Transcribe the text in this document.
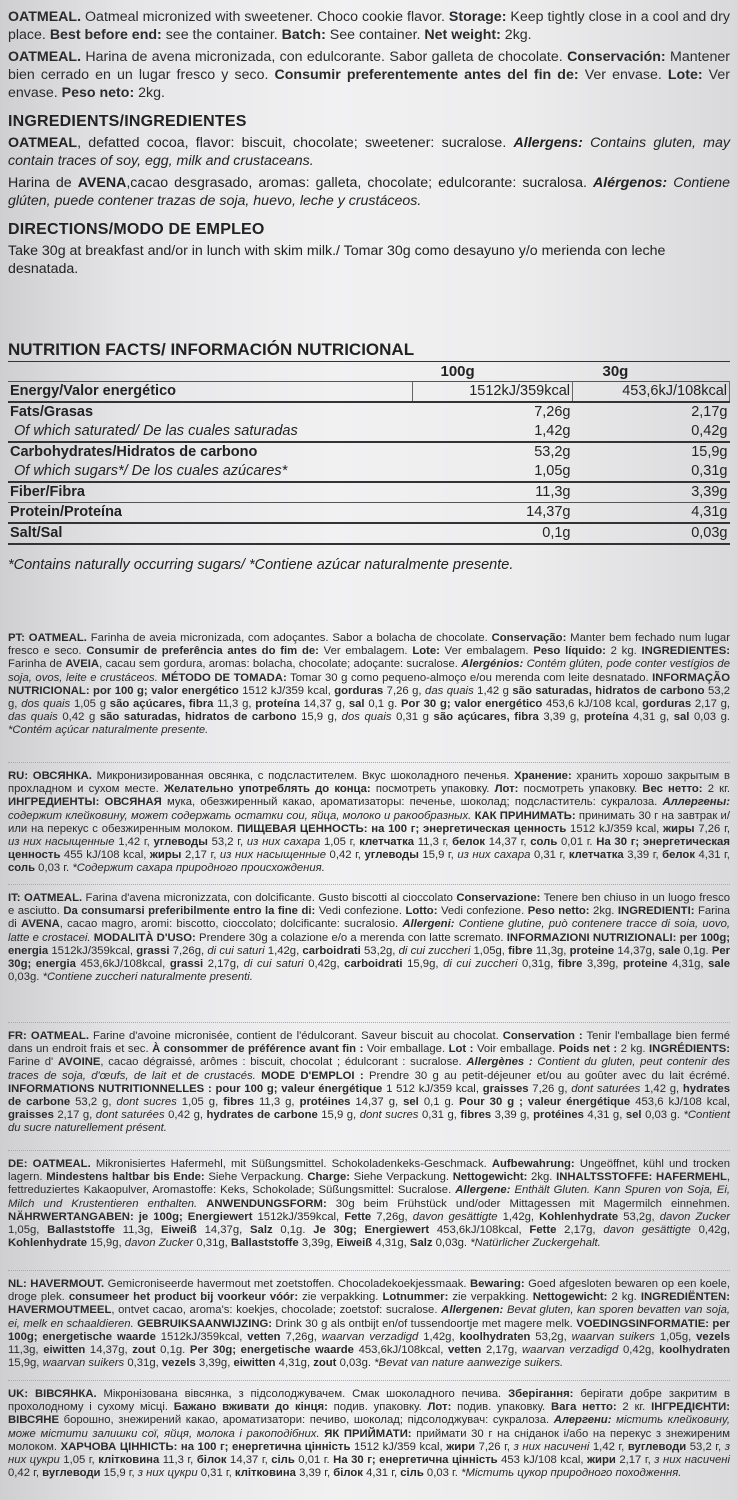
OATMEAL. Oatmeal micronized with sweetener. Choco cookie flavor. Storage: Keep tightly close in a cool and dry place. Best before end: see the container. Batch: See container. Net weight: 2kg.

OATMEAL. Harina de avena micronizada, con edulcorante. Sabor galleta de chocolate. Conservación: Mantener bien cerrado en un lugar fresco y seco. Consumir preferentemente antes del fin de: Ver envase. Lote: Ver envase. Peso neto: 2kg.

INGREDIENTS/INGREDIENTES

OATMEAL, defatted cocoa, flavor: biscuit, chocolate; sweetener: sucralose. Allergens: Contains gluten, may contain traces of soy, egg, milk and crustaceans.

Harina de AVENA,cacao desgrasado, aromas: galleta, chocolate; edulcorante: sucralosa. Alérgenos: Contiene glúten, puede contener trazas de soja, huevo, leche y crustáceos.

DIRECTIONS/MODO DE EMPLEO

Take 30g at breakfast and/or in lunch with skim milk./ Tomar 30g como desayuno y/o merienda con leche desnatada.

NUTRITION FACTS/ INFORMACIÓN NUTRICIONAL
	100g	30g
Energy/Valor energético	1512kJ/359kcal	453,6kJ/108kcal
Fats/Grasas	7,26g	2,17g
Of which saturated/ De las cuales saturadas	1,42g	0,42g
Carbohydrates/Hidratos de carbono	53,2g	15,9g
Of which sugars*/ De los cuales azúcares*	1,05g	0,31g
Fiber/Fibra	11,3g	3,39g
Protein/Proteína	14,37g	4,31g
Salt/Sal	0,1g	0,03g

*Contains naturally occurring sugars/ *Contiene azúcar naturalmente presente.

PT: OATMEAL. Farinha de aveia micronizada, com adoçantes. Sabor a bolacha de chocolate. Conservação: Manter bem fechado num lugar fresco e seco. Consumir de preferência antes do fim de: Ver embalagem. Lote: Ver embalagem. Peso líquido: 2 kg. INGREDIENTES: Farinha de AVEIA, cacau sem gordura, aromas: bolacha, chocolate; adoçante: sucralose. Alergénios: Contém glúten, pode conter vestígios de soja, ovos, leite e crustáceos. MÉTODO DE TOMADA: Tomar 30 g como pequeno-almoço e/ou merenda com leite desnatado. INFORMAÇÃO NUTRICIONAL: por 100 g; valor energético 1512 kJ/359 kcal, gorduras 7,26 g, das quais 1,42 g são saturadas, hidratos de carbono 53,2 g, dos quais 1,05 g são açúcares, fibra 11,3 g, proteína 14,37 g, sal 0,1 g. Por 30 g; valor energético 453,6 kJ/108 kcal, gorduras 2,17 g, das quais 0,42 g são saturadas, hidratos de carbono 15,9 g, dos quais 0,31 g são açúcares, fibra 3,39 g, proteína 4,31 g, sal 0,03 g. *Contém açúcar naturalmente presente.

RU: ОВСЯНКА. Микронизированная овсянка, с подсластителем. Вкус шоколадного печенья. Хранение: хранить хорошо закрытым в прохладном и сухом месте. Желательно употреблять до конца: посмотреть упаковку. Лот: посмотреть упаковку. Вес нетто: 2 кг. ИНГРЕДИЕНТЫ: ОВСЯНАЯ мука, обезжиренный какао, ароматизаторы: печенье, шоколад; подсластитель: сукралоза. Аллергены: содержит клейковину, может содержать остатки сои, яйца, молоко и ракообразных. КАК ПРИНИМАТЬ: принимать 30 г на завтрак и/или на перекус с обезжиренным молоком. ПИЩЕВАЯ ЦЕННОСТЬ: на 100 г; энергетическая ценность 1512 kJ/359 kcal, жиры 7,26 г, из них насыщенные 1,42 г, углеводы 53,2 г, из них сахара 1,05 г, клетчатка 11,3 г, белок 14,37 г, соль 0,01 г. На 30 г; энергетическая ценность 455 kJ/108 kcal, жиры 2,17 г, из них насыщенные 0,42 г, углеводы 15,9 г, из них сахара 0,31 г, клетчатка 3,39 г, белок 4,31 г, соль 0,03 г. *Содержит сахара природного происхождения.

IT: OATMEAL. Farina d'avena micronizzata, con dolcificante. Gusto biscotti al cioccolato Conservazione: Tenere ben chiuso in un luogo fresco e asciutto. Da consumarsi preferibilmente entro la fine di: Vedi confezione. Lotto: Vedi confezione. Peso netto: 2kg. INGREDIENTI: Farina di AVENA, cacao magro, aromi: biscotto, cioccolato; dolcificante: sucralosio. Allergeni: Contiene glutine, può contenere tracce di soia, uovo, latte e crostacei. MODALITÀ D'USO: Prendere 30g a colazione e/o a merenda con latte scremato. INFORMAZIONI NUTRIZIONALI: per 100g; energia 1512kJ/359kcal, grassi 7,26g, di cui saturi 1,42g, carboidrati 53,2g, di cui zuccheri 1,05g, fibre 11,3g, proteine 14,37g, sale 0,1g. Per 30g; energia 453,6kJ/108kcal, grassi 2,17g, di cui saturi 0,42g, carboidrati 15,9g, di cui zuccheri 0,31g, fibre 3,39g, proteine 4,31g, sale 0,03g. *Contiene zuccheri naturalmente presenti.

FR: OATMEAL. Farine d'avoine micronisée, contient de l'édulcorant. Saveur biscuit au chocolat. Conservation : Tenir l'emballage bien fermé dans un endroit frais et sec. À consommer de préférence avant fin : Voir emballage. Lot : Voir emballage. Poids net : 2 kg. INGRÉDIENTS: Farine d' AVOINE, cacao dégraissé, arômes : biscuit, chocolat ; édulcorant : sucralose. Allergènes : Contient du gluten, peut contenir des traces de soja, d'œufs, de lait et de crustacés. MODE D'EMPLOI : Prendre 30 g au petit-déjeuner et/ou au goûter avec du lait écrémé. INFORMATIONS NUTRITIONNELLES : pour 100 g; valeur énergétique 1 512 kJ/359 kcal, graisses 7,26 g, dont saturées 1,42 g, hydrates de carbone 53,2 g, dont sucres 1,05 g, fibres 11,3 g, protéines 14,37 g, sel 0,1 g. Pour 30 g ; valeur énergétique 453,6 kJ/108 kcal, graisses 2,17 g, dont saturées 0,42 g, hydrates de carbone 15,9 g, dont sucres 0,31 g, fibres 3,39 g, protéines 4,31 g, sel 0,03 g. *Contient du sucre naturellement présent.

DE: OATMEAL. Mikronisiertes Hafermehl, mit Süßungsmittel. Schokoladenkeks-Geschmack. Aufbewahrung: Ungeöffnet, kühl und trocken lagern. Mindestens haltbar bis Ende: Siehe Verpackung. Charge: Siehe Verpackung. Nettogewicht: 2kg. INHALTSSTOFFE: HAFERMEHL, fettreduziertes Kakaopulver, Aromastoffe: Keks, Schokolade; Süßungsmittel: Sucralose. Allergene: Enthält Gluten. Kann Spuren von Soja, Ei, Milch und Krustentieren enthalten. ANWENDUNGSFORM: 30g beim Frühstück und/oder Mittagessen mit Magermilch einnehmen. NÄHRWERTANGABEN: je 100g; Energiewert 1512kJ/359kcal, Fette 7,26g, davon gesättigte 1,42g, Kohlenhydrate 53,2g, davon Zucker 1,05g, Ballaststoffe 11,3g, Eiweiß 14,37g, Salz 0,1g. Je 30g; Energiewert 453,6kJ/108kcal, Fette 2,17g, davon gesättigte 0,42g, Kohlenhydrate 15,9g, davon Zucker 0,31g, Ballaststoffe 3,39g, Eiweiß 4,31g, Salz 0,03g. *Natürlicher Zuckergehalt.

NL: HAVERMOUT. Gemicroniseerde havermout met zoetstoffen. Chocoladekoekjessmaak. Bewaring: Goed afgesloten bewaren op een koele, droge plek. consumeer het product bij voorkeur vóór: zie verpakking. Lotnummer: zie verpakking. Nettogewicht: 2 kg. INGREDIËNTEN: HAVERMOUTMEEL, ontvet cacao, aroma's: koekjes, chocolade; zoetstof: sucralose. Allergenen: Bevat gluten, kan sporen bevatten van soja, ei, melk en schaaldieren. GEBRUIKSAANWIJZING: Drink 30 g als ontbijt en/of tussendoortje met magere melk. VOEDINGSINFORMATIE: per 100g; energetische waarde 1512kJ/359kcal, vetten 7,26g, waarvan verzadigd 1,42g, koolhydraten 53,2g, waarvan suikers 1,05g, vezels 11,3g, eiwitten 14,37g, zout 0,1g. Per 30g; energetische waarde 453,6kJ/108kcal, vetten 2,17g, waarvan verzadigd 0,42g, koolhydraten 15,9g, waarvan suikers 0,31g, vezels 3,39g, eiwitten 4,31g, zout 0,03g. *Bevat van nature aanwezige suikers.

UK: ВІВСЯНКА. Мікронізована вівсянка, з підсолоджувачем. Смак шоколадного печива. Зберігання: берігати добре закритим в прохолодному і сухому місці. Бажано вживати до кінця: подив. упаковку. Лот: подив. упаковку. Вага нетто: 2 кг. ІНГРЕДІЄНТИ: ВІВСЯНЕ борошно, знежирений какао, ароматизатори: печиво, шоколад; підсолоджувач: сукралоза. Алергени: містить клейковину, може містити залишки сої, яйця, молока і ракоподібних. ЯК ПРИЙМАТИ: приймати 30 г на сніданок і/або на перекус з знежиреним молоком. ХАРЧОВА ЦІННІСТЬ: на 100 г; енергетична цінність 1512 kJ/359 kcal, жири 7,26 г, з них насичені 1,42 г, вуглеводи 53,2 г, з них цукри 1,05 г, клітковина 11,3 г, білок 14,37 г, сіль 0,01 г. На 30 г; енергетична цінність 453 kJ/108 kcal, жири 2,17 г, з них насичені 0,42 г, вуглеводи 15,9 г, з них цукри 0,31 г, клітковина 3,39 г, білок 4,31 г, сіль 0,03 г. *Містить цукор природного походження.
